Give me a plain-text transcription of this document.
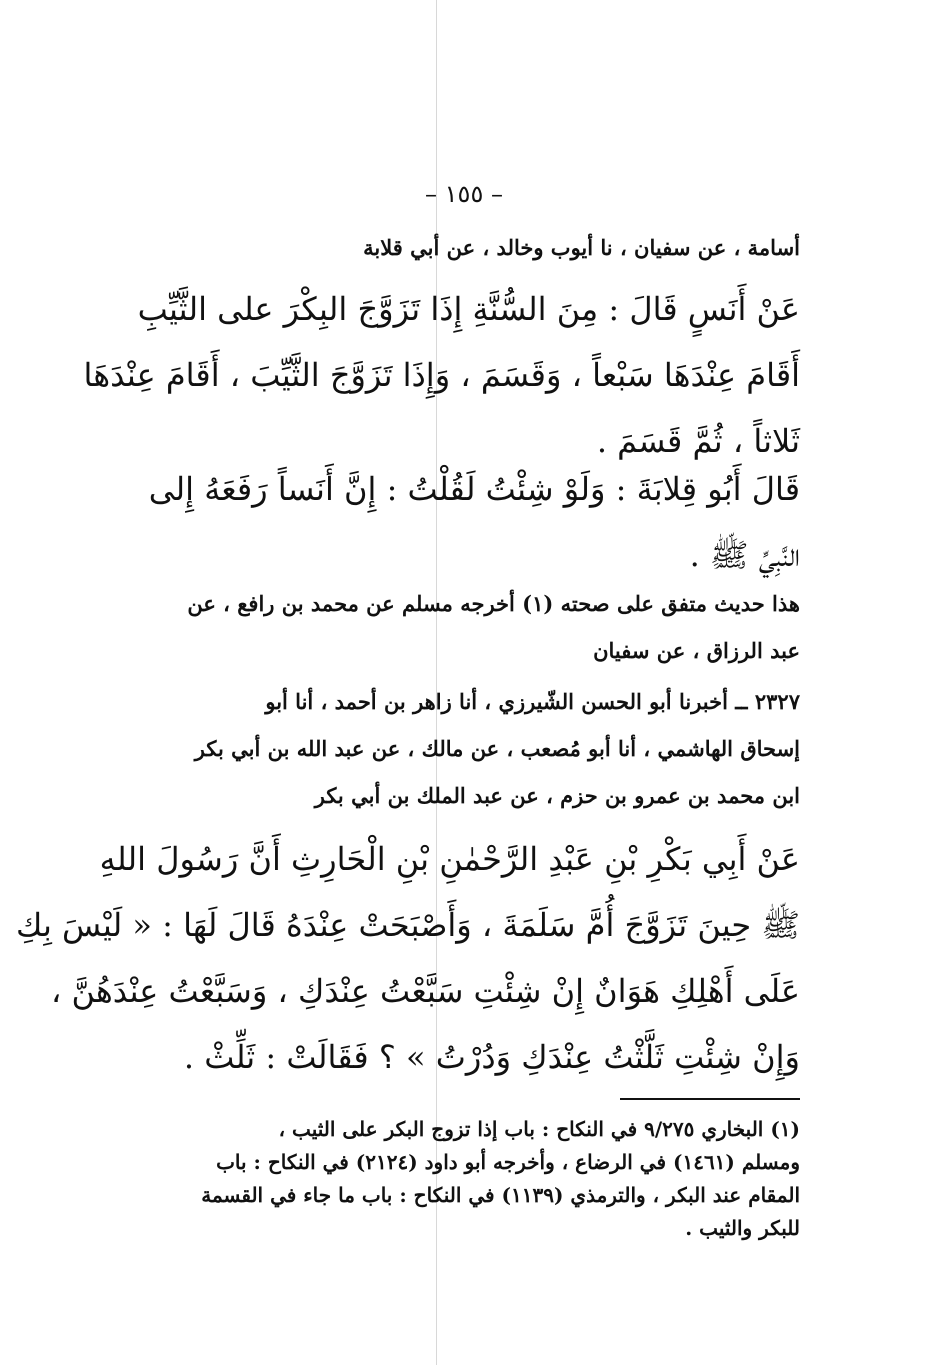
– ١٥٥ –
أسامة ، عن سفيان ، نا أيوب وخالد ، عن أبي قلابة
عَنْ أَنَسٍ قَالَ : مِنَ السُّنَّةِ إِذَا تَزَوَّجَ البِكْرَ على الثَّيِّبِ
أَقَامَ عِنْدَهَا سَبْعاً ، وَقَسَمَ ، وَإِذَا تَزَوَّجَ الثَّيِّبَ ، أَقَامَ عِنْدَهَا
ثَلاثاً ، ثُمَّ قَسَمَ .
قَالَ أَبُو قِلابَةَ : وَلَوْ شِئْتُ لَقُلْتُ : إِنَّ أَنَساً رَفَعَهُ إِلى
النَّبِيِّ ﷺ .
هذا حديث متفق على صحته (١) أخرجه مسلم عن محمد بن رافع ، عن
عبد الرزاق ، عن سفيان
٢٣٢٧ ــ أخبرنا أبو الحسن الشّيرزي ، أنا زاهر بن أحمد ، أنا أبو
إسحاق الهاشمي ، أنا أبو مُصعب ، عن مالك ، عن عبد الله بن أبي بكر
ابن محمد بن عمرو بن حزم ، عن عبد الملك بن أبي بكر
عَنْ أَبِي بَكْرِ بْنِ عَبْدِ الرَّحْمٰنِ بْنِ الْحَارِثِ أَنَّ رَسُولَ اللهِ
ﷺ حِينَ تَزَوَّجَ أُمَّ سَلَمَةَ ، وَأَصْبَحَتْ عِنْدَهُ قَالَ لَهَا : « لَيْسَ بِكِ
عَلَى أَهْلِكِ هَوَانٌ إِنْ شِئْتِ سَبَّعْتُ عِنْدَكِ ، وَسَبَّعْتُ عِنْدَهُنَّ ،
وَإِنْ شِئْتِ ثَلَّثْتُ عِنْدَكِ وَدُرْتُ » ؟ فَقَالَتْ : ثَلِّثْ .
(١) البخاري ٩/٢٧٥ في النكاح : باب إذا تزوج البكر على الثيب ،
ومسلم (١٤٦١) في الرضاع ، وأخرجه أبو داود (٢١٢٤) في النكاح : باب
المقام عند البكر ، والترمذي (١١٣٩) في النكاح : باب ما جاء في القسمة
للبكر والثيب .
